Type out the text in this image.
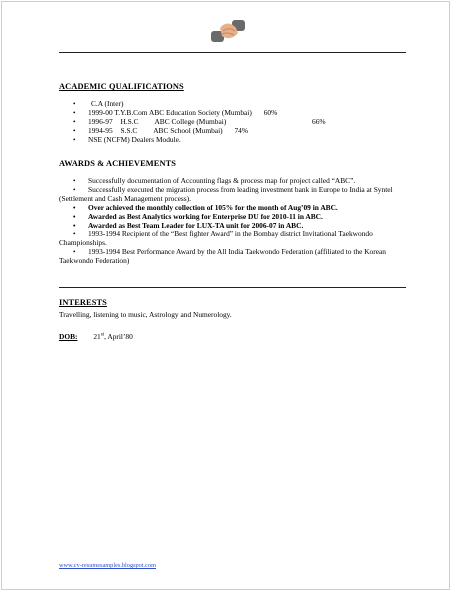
ACADEMIC QUALIFICATIONS
• C.A (Inter)
• 1999-00 T.Y.B.Com ABC Education Society (Mumbai) 60%
• 1996-97 H.S.C ABC College (Mumbai)	66%
• 1994-95 S.S.C ABC School (Mumbai) 74%
• NSE (NCFM) Dealers Module.
AWARDS & ACHIEVEMENTS
• Successfully documentation of Accounting flags & process map for project called “ABC”.
• Successfully executed the migration process from leading investment bank in Europe to India at Syntel (Settlement and Cash Management process).
• Over achieved the monthly collection of 105% for the month of Aug’09 in ABC.
• Awarded as Best Analytics working for Enterprise DU for 2010-11 in ABC.
• Awarded as Best Team Leader for LUX-TA unit for 2006-07 in ABC.
• 1993-1994 Recipient of the “Best fighter Award” in the Bombay district Invitational Taekwondo Championships.
• 1993-1994 Best Performance Award by the All India Taekwondo Federation (affiliated to the Korean Taekwondo Federation)
INTERESTS
Travelling, listening to music, Astrology and Numerology.
DOB: 21st, April’80
www.cv-resumesamples.blogspot.com
